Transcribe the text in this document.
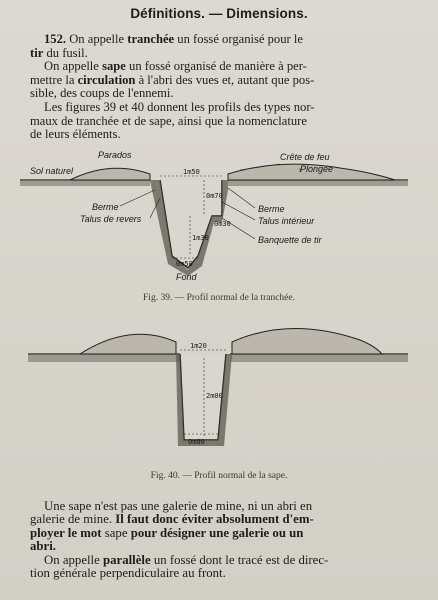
Définitions. — Dimensions.
152. On appelle tranchée un fossé organisé pour le
tir du fusil.
On appelle sape un fossé organisé de manière à per-
mettre la circulation à l'abri des vues et, autant que pos-
sible, des coups de l'ennemi.
Les figures 39 et 40 donnent les profils des types nor-
maux de tranchée et de sape, ainsi que la nomenclature
de leurs éléments.
1m50
0m70
1m30
0m50
0m30
Sol naturel
Parados	Crête de feu
Plongée
Berme
Talus de revers
Berme
Talus intérieur
Banquette de tir
Fond
Fig. 39. — Profil normal de la tranchée.
1m20
2m00
0m80
Fig. 40. — Profil normal de la sape.
Une sape n'est pas une galerie de mine, ni un abri en
galerie de mine. Il faut donc éviter absolument d'em-
ployer le mot sape pour désigner une galerie ou un
abri.
On appelle parallèle un fossé dont le tracé est de direc-
tion générale perpendiculaire au front.
